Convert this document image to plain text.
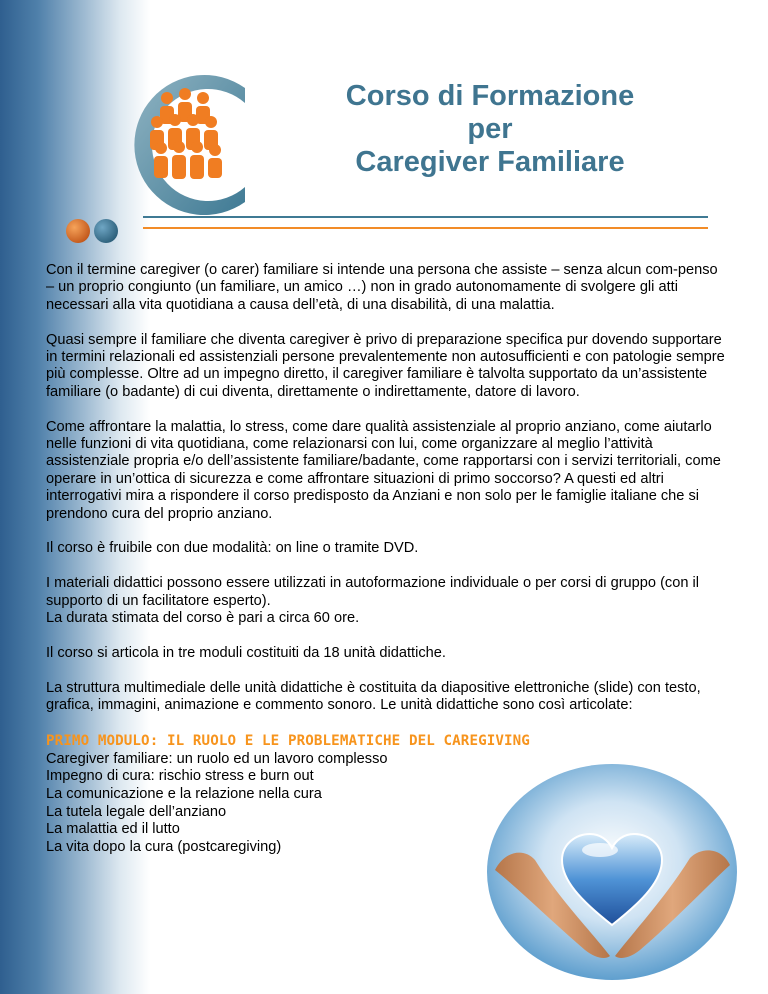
Corso di Formazione
per
Caregiver Familiare

Con il termine caregiver (o carer) familiare si intende una persona che assiste – senza alcun com-penso – un proprio congiunto (un familiare, un amico …) non in grado autonomamente di svolgere gli atti necessari alla vita quotidiana a causa dell’età, di una disabilità, di una malattia.

Quasi sempre il familiare che diventa caregiver è privo di preparazione specifica pur dovendo supportare in termini relazionali ed assistenziali persone prevalentemente non autosufficienti e con patologie sempre più complesse. Oltre ad un impegno diretto, il caregiver familiare è talvolta supportato da un’assistente familiare (o badante) di cui diventa, direttamente o indirettamente, datore di lavoro.

Come affrontare la malattia, lo stress, come dare qualità assistenziale al proprio anziano, come aiutarlo nelle funzioni di vita quotidiana, come relazionarsi con lui, come organizzare al meglio l’attività assistenziale propria e/o dell’assistente familiare/badante, come rapportarsi con i servizi territoriali, come operare in un’ottica di sicurezza e come affrontare situazioni di primo soccorso? A questi ed altri interrogativi mira a rispondere il corso predisposto da Anziani e non solo per le famiglie italiane che si prendono cura del proprio anziano.

Il corso è fruibile con due modalità: on line o tramite DVD.

I materiali didattici possono essere utilizzati in autoformazione individuale o per corsi di gruppo (con il supporto di un facilitatore esperto).
La durata stimata del corso è pari a circa 60 ore.

Il corso si articola in tre moduli costituiti da 18 unità didattiche.

La struttura multimediale delle unità didattiche è costituita da diapositive elettroniche (slide) con testo, grafica, immagini, animazione e commento sonoro. Le unità didattiche sono così articolate:

PRIMO MODULO: IL RUOLO E LE PROBLEMATICHE DEL CAREGIVING
Caregiver familiare: un ruolo ed un lavoro complesso
Impegno di cura: rischio stress e burn out
La comunicazione e la relazione nella cura
La tutela legale dell’anziano
La malattia ed il lutto
La vita dopo la cura (postcaregiving)
